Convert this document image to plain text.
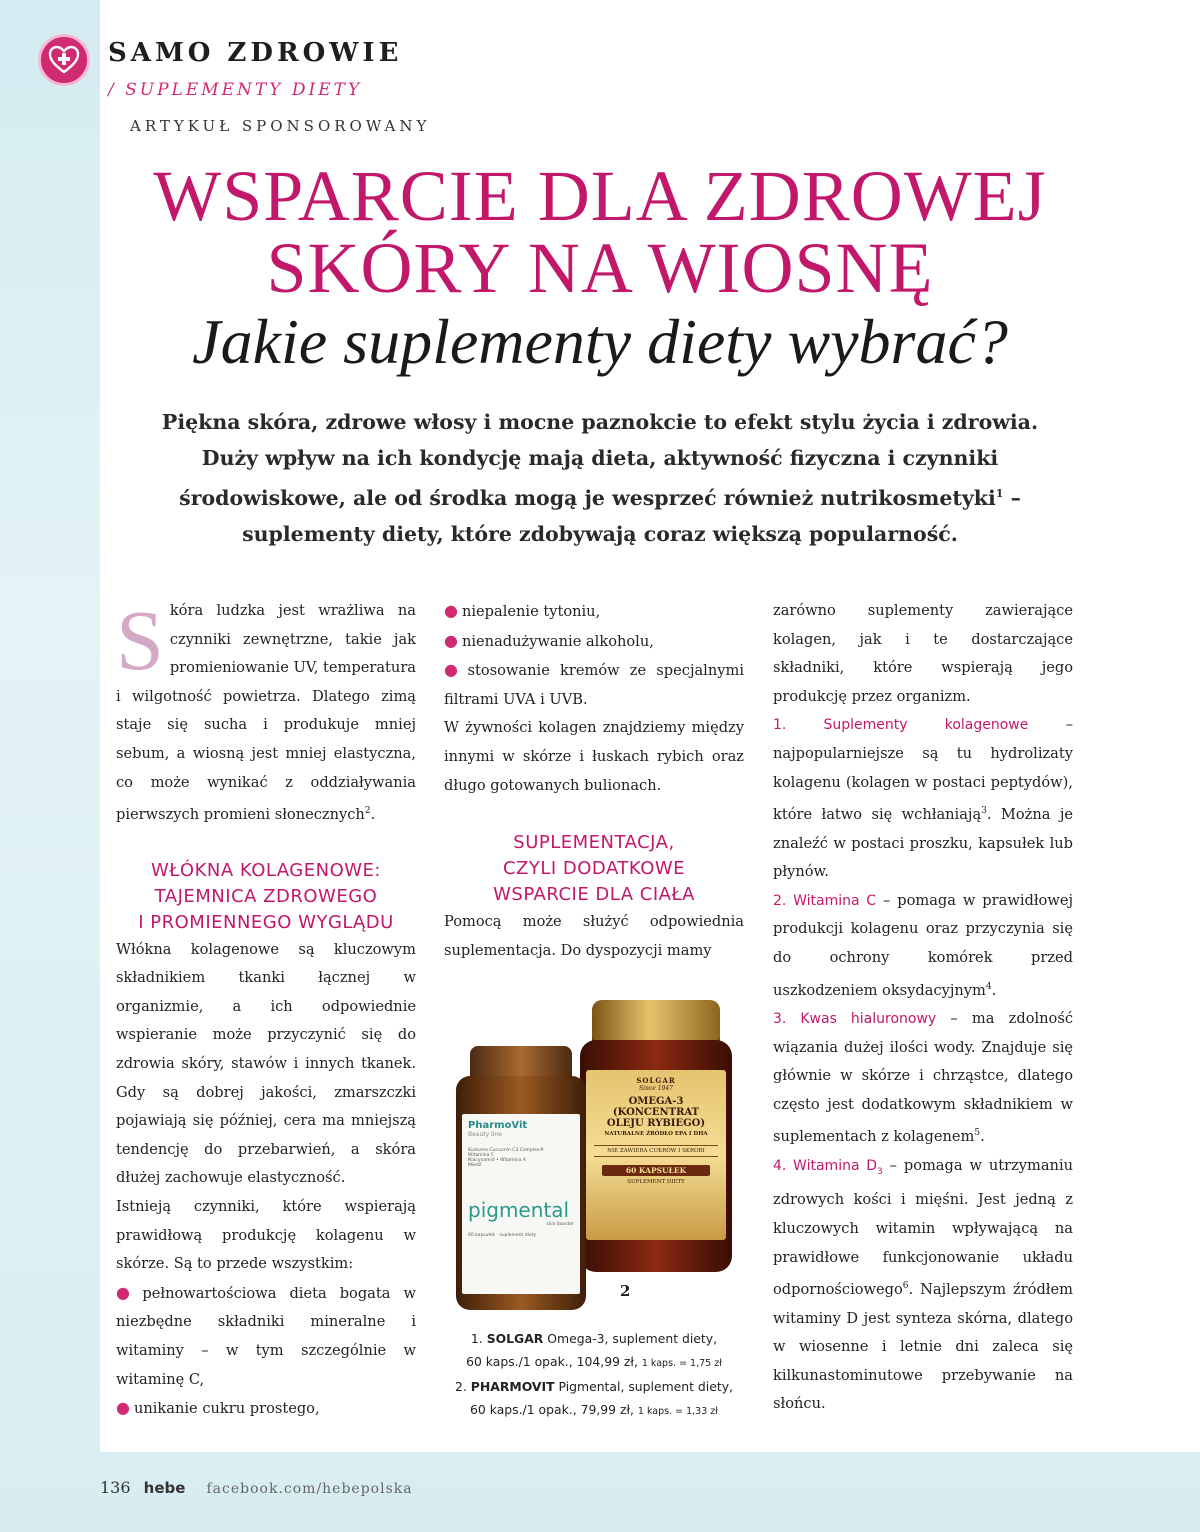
SAMO ZDROWIE
/ SUPLEMENTY DIETY
ARTYKUŁ SPONSOROWANY
WSPARCIE DLA ZDROWEJ
SKÓRY NA WIOSNĘ
Jakie suplementy diety wybrać?
Piękna skóra, zdrowe włosy i mocne paznokcie to efekt stylu życia i zdrowia.
Duży wpływ na ich kondycję mają dieta, aktywność fizyczna i czynniki
środowiskowe, ale od środka mogą je wesprzeć również nutrikosmetyki$^1$ –
suplementy diety, które zdobywają coraz większą popularność.

Skóra ludzka jest wrażliwa na czynniki zewnętrzne, takie jak promieniowanie UV, temperatura i wilgotność powietrza. Dlatego zimą staje się sucha i produkuje mniej sebum, a wiosną jest mniej elastyczna, co może wynikać z oddziaływania pierwszych promieni słonecznych$^2$.

WŁÓKNA KOLAGENOWE:
TAJEMNICA ZDROWEGO
I PROMIENNEGO WYGLĄDU

Włókna kolagenowe są kluczowym składnikiem tkanki łącznej w organizmie, a ich odpowiednie wspieranie może przyczynić się do zdrowia skóry, stawów i innych tkanek. Gdy są dobrej jakości, zmarszczki pojawiają się później, cera ma mniejszą tendencję do przebarwień, a skóra dłużej zachowuje elastyczność.

Istnieją czynniki, które wspierają prawidłową produkcję kolagenu w skórze. Są to przede wszystkim:

● pełnowartościowa dieta bogata w niezbędne składniki mineralne i witaminy – w tym szczególnie w witaminę C,

● unikanie cukru prostego,

● niepalenie tytoniu,

● nienadużywanie alkoholu,

● stosowanie kremów ze specjalnymi filtrami UVA i UVB.

W żywności kolagen znajdziemy między innymi w skórze i łuskach rybich oraz długo gotowanych bulionach.

SUPLEMENTACJA,
CZYLI DODATKOWE
WSPARCIE DLA CIAŁA

Pomocą może służyć odpowiednia suplementacja. Do dyspozycji mamy

2
SOLGAR
Since 1947
OMEGA-3
(KONCENTRAT
OLEJU RYBIEGO)
NATURALNE ŹRÓDŁO EPA I DHA
NIE ZAWIERA CUKRÓW I SKROBI
60 KAPSUŁEK
SUPLEMENT DIETY
PharmoVit
Beauty line
Kurkuma Curcumin C3 Complex®
Witamina C
Niacynamid • Witamina A
Miedź
pigmental
skin booster
60 kapsułek · suplement diety
1. SOLGAR Omega-3, suplement diety,
60 kaps./1 opak., 104,99 zł, 1 kaps. = 1,75 zł
2. PHARMOVIT Pigmental, suplement diety,
60 kaps./1 opak., 79,99 zł, 1 kaps. = 1,33 zł

zarówno suplementy zawierające kolagen, jak i te dostarczające składniki, które wspierają jego produkcję przez organizm.

1. Suplementy kolagenowe – najpopularniejsze są tu hydrolizaty kolagenu (kolagen w postaci peptydów), które łatwo się wchłaniają$^3$. Można je znaleźć w postaci proszku, kapsułek lub płynów.

2. Witamina C – pomaga w prawidłowej produkcji kolagenu oraz przyczynia się do ochrony komórek przed uszkodzeniem oksydacyjnym$^4$.

3. Kwas hialuronowy – ma zdolność wiązania dużej ilości wody. Znajduje się głównie w skórze i chrząstce, dlatego często jest dodatkowym składnikiem w suplementach z kolagenem$^5$.

4. Witamina $D_3$ – pomaga w utrzymaniu zdrowych kości i mięśni. Jest jedną z kluczowych witamin wpływającą na prawidłowe funkcjonowanie układu odpornościowego$^6$. Najlepszym źródłem witaminy D jest synteza skórna, dlatego w wiosenne i letnie dni zaleca się kilkunastominutowe przebywanie na słońcu.

136 hebe facebook.com/hebepolska
